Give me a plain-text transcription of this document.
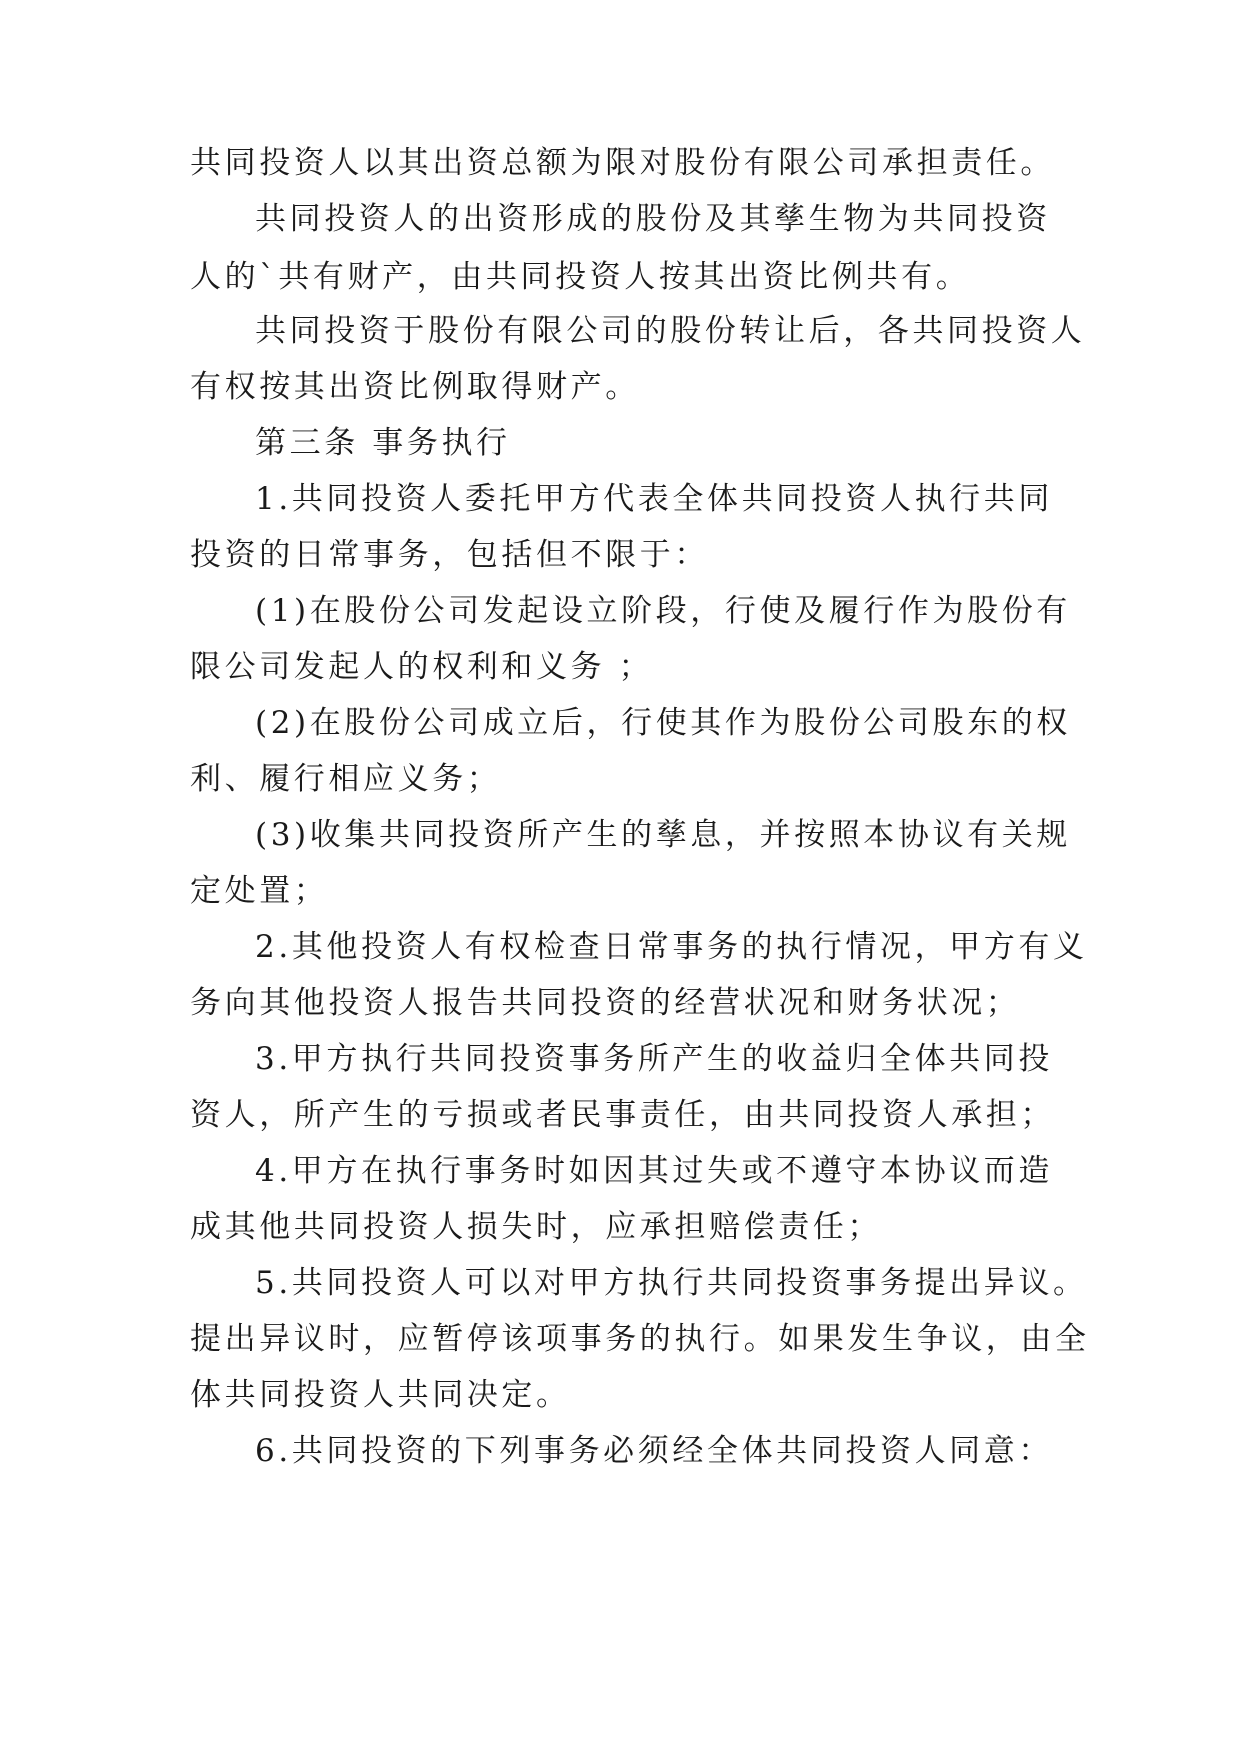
共同投资人以其出资总额为限对股份有限公司承担责任。
共同投资人的出资形成的股份及其孳生物为共同投资
人的`共有财产，由共同投资人按其出资比例共有。
共同投资于股份有限公司的股份转让后，各共同投资人
有权按其出资比例取得财产。
第三条 事务执行
1.共同投资人委托甲方代表全体共同投资人执行共同
投资的日常事务，包括但不限于：
(1)在股份公司发起设立阶段，行使及履行作为股份有
限公司发起人的权利和义务 ；
(2)在股份公司成立后，行使其作为股份公司股东的权
利、履行相应义务；
(3)收集共同投资所产生的孳息，并按照本协议有关规
定处置；
2.其他投资人有权检查日常事务的执行情况，甲方有义
务向其他投资人报告共同投资的经营状况和财务状况；
3.甲方执行共同投资事务所产生的收益归全体共同投
资人，所产生的亏损或者民事责任，由共同投资人承担；
4.甲方在执行事务时如因其过失或不遵守本协议而造
成其他共同投资人损失时，应承担赔偿责任；
5.共同投资人可以对甲方执行共同投资事务提出异议。
提出异议时，应暂停该项事务的执行。如果发生争议，由全
体共同投资人共同决定。
6.共同投资的下列事务必须经全体共同投资人同意：
